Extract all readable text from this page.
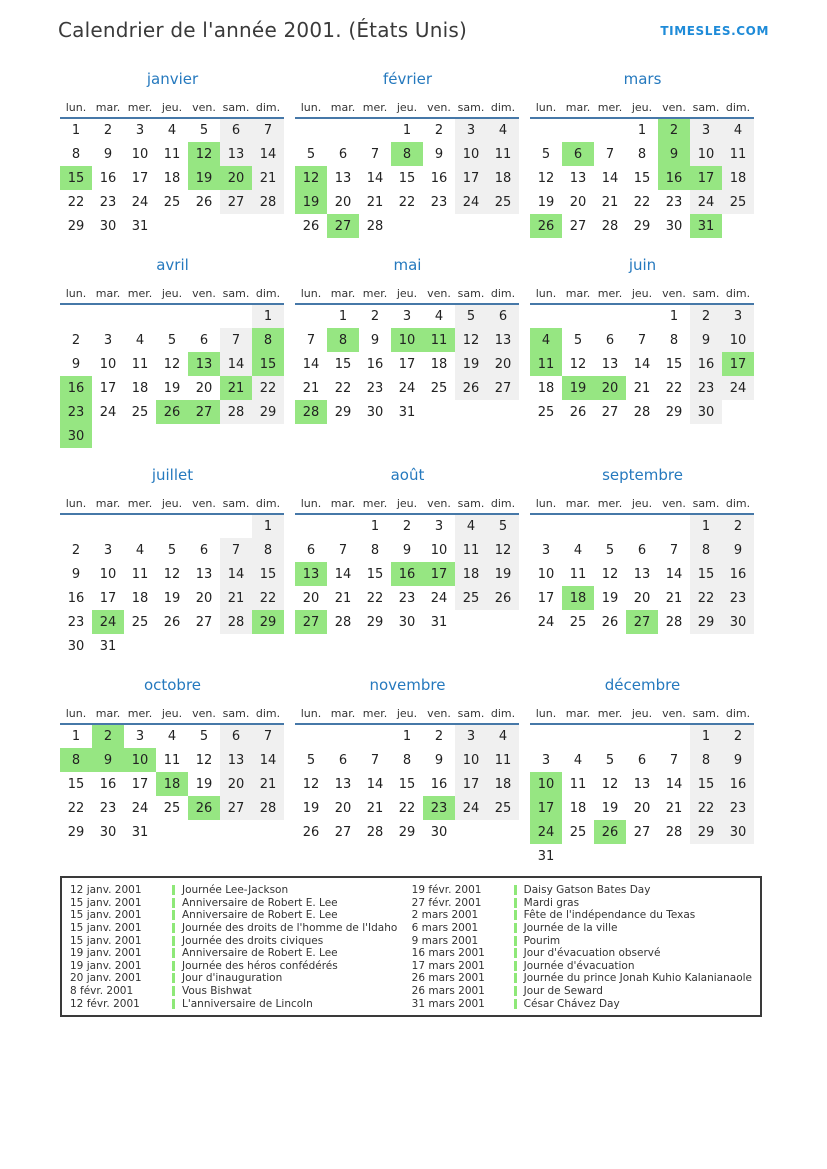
Calendrier de l'année 2001. (États Unis)	TIMESLES.COM
janvier
lun.	mar.	mer.	jeu.	ven.	sam.	dim.
1	2	3	4	5	6	7
8	9	10	11	12	13	14
15	16	17	18	19	20	21
22	23	24	25	26	27	28
29	30	31				
février
lun.	mar.	mer.	jeu.	ven.	sam.	dim.
			1	2	3	4
5	6	7	8	9	10	11
12	13	14	15	16	17	18
19	20	21	22	23	24	25
26	27	28				
mars
lun.	mar.	mer.	jeu.	ven.	sam.	dim.
			1	2	3	4
5	6	7	8	9	10	11
12	13	14	15	16	17	18
19	20	21	22	23	24	25
26	27	28	29	30	31	
avril
lun.	mar.	mer.	jeu.	ven.	sam.	dim.
						1
2	3	4	5	6	7	8
9	10	11	12	13	14	15
16	17	18	19	20	21	22
23	24	25	26	27	28	29
30						
mai
lun.	mar.	mer.	jeu.	ven.	sam.	dim.
	1	2	3	4	5	6
7	8	9	10	11	12	13
14	15	16	17	18	19	20
21	22	23	24	25	26	27
28	29	30	31			
juin
lun.	mar.	mer.	jeu.	ven.	sam.	dim.
				1	2	3
4	5	6	7	8	9	10
11	12	13	14	15	16	17
18	19	20	21	22	23	24
25	26	27	28	29	30	
juillet
lun.	mar.	mer.	jeu.	ven.	sam.	dim.
						1
2	3	4	5	6	7	8
9	10	11	12	13	14	15
16	17	18	19	20	21	22
23	24	25	26	27	28	29
30	31					
août
lun.	mar.	mer.	jeu.	ven.	sam.	dim.
		1	2	3	4	5
6	7	8	9	10	11	12
13	14	15	16	17	18	19
20	21	22	23	24	25	26
27	28	29	30	31		
septembre
lun.	mar.	mer.	jeu.	ven.	sam.	dim.
					1	2
3	4	5	6	7	8	9
10	11	12	13	14	15	16
17	18	19	20	21	22	23
24	25	26	27	28	29	30
octobre
lun.	mar.	mer.	jeu.	ven.	sam.	dim.
1	2	3	4	5	6	7
8	9	10	11	12	13	14
15	16	17	18	19	20	21
22	23	24	25	26	27	28
29	30	31				
novembre
lun.	mar.	mer.	jeu.	ven.	sam.	dim.
			1	2	3	4
5	6	7	8	9	10	11
12	13	14	15	16	17	18
19	20	21	22	23	24	25
26	27	28	29	30		
décembre
lun.	mar.	mer.	jeu.	ven.	sam.	dim.
					1	2
3	4	5	6	7	8	9
10	11	12	13	14	15	16
17	18	19	20	21	22	23
24	25	26	27	28	29	30
31						
12 janv. 2001	Journée Lee-Jackson
15 janv. 2001	Anniversaire de Robert E. Lee
15 janv. 2001	Anniversaire de Robert E. Lee
15 janv. 2001	Journée des droits de l'homme de l'Idaho
15 janv. 2001	Journée des droits civiques
19 janv. 2001	Anniversaire de Robert E. Lee
19 janv. 2001	Journée des héros confédérés
20 janv. 2001	Jour d'inauguration
8 févr. 2001	Vous Bishwat
12 févr. 2001	L'anniversaire de Lincoln
19 févr. 2001	Daisy Gatson Bates Day
27 févr. 2001	Mardi gras
2 mars 2001	Fête de l'indépendance du Texas
6 mars 2001	Journée de la ville
9 mars 2001	Pourim
16 mars 2001	Jour d'évacuation observé
17 mars 2001	Journée d'évacuation
26 mars 2001	Journée du prince Jonah Kuhio Kalanianaole
26 mars 2001	Jour de Seward
31 mars 2001	César Chávez Day
